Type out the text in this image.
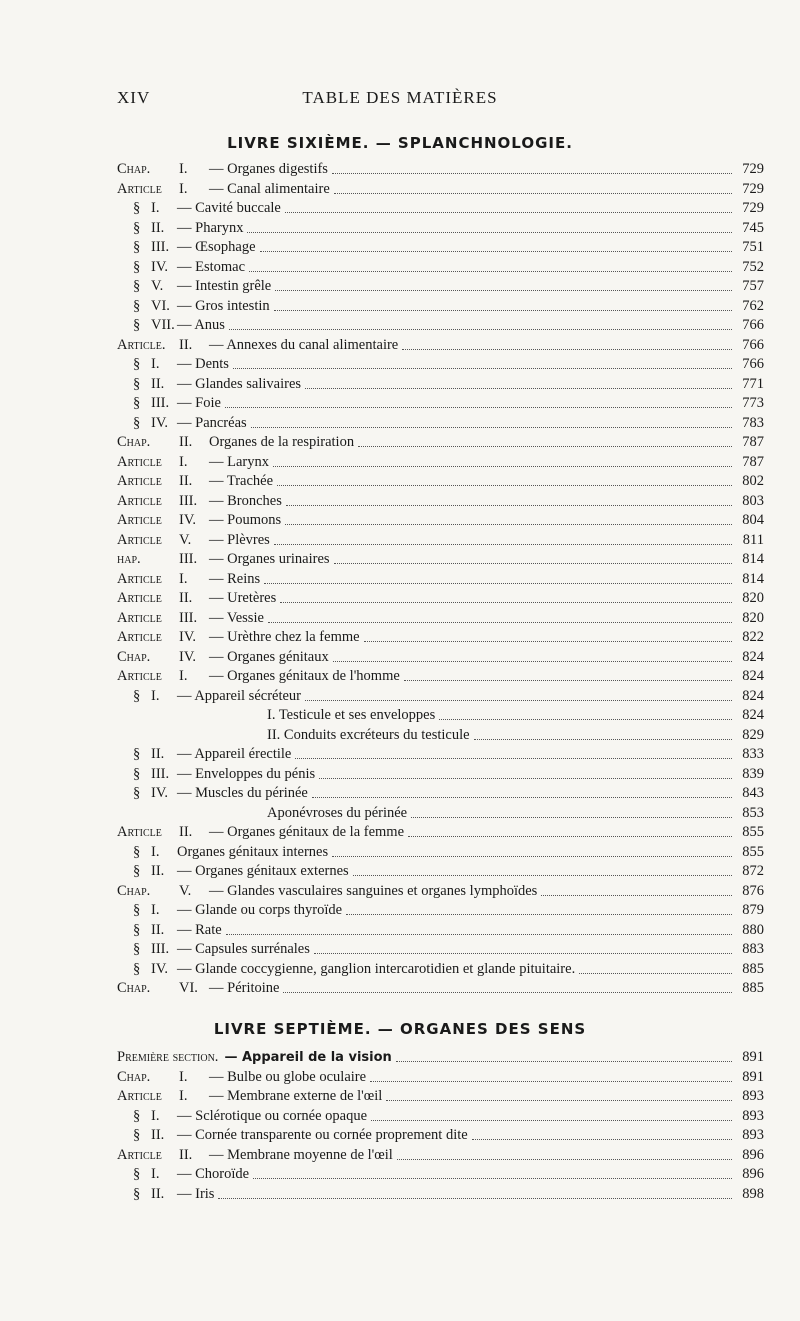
XIV	TABLE DES MATIÈRES
LIVRE SIXIÈME. — SPLANCHNOLOGIE.
Chap.	I.	— Organes digestifs	729
Article	I.	— Canal alimentaire	729
§ I.	— Cavité buccale	729
§ II. — Pharynx	745
§ III. — Œsophage	751
§ IV. — Estomac	752
§ V. — Intestin grêle	757
§ VI. — Gros intestin	762
§ VII. — Anus	766
Article. II.	— Annexes du canal alimentaire	766
§ I.	— Dents	766
§ II. — Glandes salivaires	771
§ III. — Foie	773
§ IV. — Pancréas	783
Chap.	II.	Organes de la respiration	787
Article	I.	— Larynx	787
Article	II.	— Trachée	802
Article	III. — Bronches	803
Article	IV. — Poumons	804
Article	V.	— Plèvres	811
hap.	III. — Organes urinaires	814
Article	I.	— Reins	814
Article	II.	— Uretères	820
Article	III. — Vessie	820
Article	IV. — Urèthre chez la femme	822
Chap.	IV. — Organes génitaux	824
Article	I.	— Organes génitaux de l'homme	824
§ I.	— Appareil sécréteur	824
I. Testicule et ses enveloppes	824
II. Conduits excréteurs du testicule	829
§ II. — Appareil érectile	833
§ III. — Enveloppes du pénis	839
§ IV. — Muscles du périnée	843
Aponévroses du périnée	853
Article	II.	— Organes génitaux de la femme	855
§ I.	Organes génitaux internes	855
§ II. — Organes génitaux externes	872
Chap.	V.	— Glandes vasculaires sanguines et organes lymphoïdes	876
§ I.	— Glande ou corps thyroïde	879
§ II. — Rate	880
§ III. — Capsules surrénales	883
§ IV. — Glande coccygienne, ganglion intercarotidien et glande pituitaire.	885
Chap.	VI. — Péritoine	885
LIVRE SEPTIÈME. — ORGANES DES SENS
Première section. — Appareil de la vision	891
Chap.	I.	— Bulbe ou globe oculaire	891
Article	I.	— Membrane externe de l'œil	893
§ I.	— Sclérotique ou cornée opaque	893
§ II. — Cornée transparente ou cornée proprement dite	893
Article	II.	— Membrane moyenne de l'œil	896
§ I.	— Choroïde	896
§ II. — Iris	898
